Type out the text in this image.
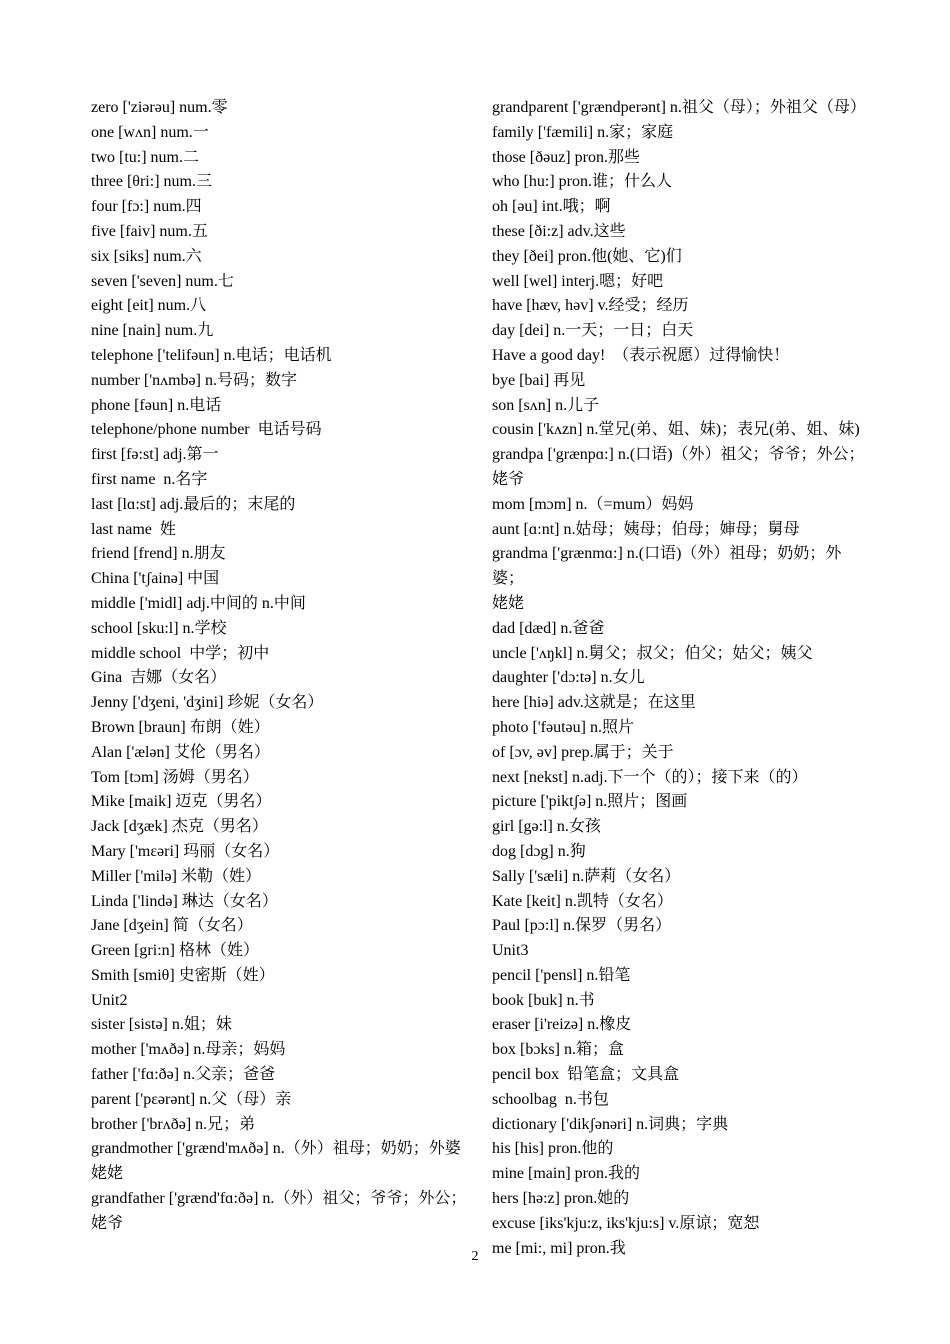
zero ['ziərəu] num.零
one [wʌn] num.一
two [tu:] num.二
three [θri:] num.三
four [fɔ:] num.四
five [faiv] num.五
six [siks] num.六
seven ['seven] num.七
eight [eit] num.八
nine [nain] num.九
telephone ['telifəun] n.电话；电话机
number ['nʌmbə] n.号码；数字
phone [fəun] n.电话
telephone/phone number  电话号码
first [fə:st] adj.第一
first name  n.名字
last [lɑ:st] adj.最后的；末尾的
last name  姓
friend [frend] n.朋友
China ['tʃainə] 中国
middle ['midl] adj.中间的 n.中间
school [sku:l] n.学校
middle school  中学；初中
Gina  吉娜（女名）
Jenny ['dʒeni, 'dʒini] 珍妮（女名）
Brown [braun] 布朗（姓）
Alan ['ælən] 艾伦（男名）
Tom [tɔm] 汤姆（男名）
Mike [maik] 迈克（男名）
Jack [dʒæk] 杰克（男名）
Mary ['mɛəri] 玛丽（女名）
Miller ['milə] 米勒（姓）
Linda ['lində] 琳达（女名）
Jane [dʒein] 简（女名）
Green [gri:n] 格林（姓）
Smith [smiθ] 史密斯（姓）
Unit2
sister [sistə] n.姐；妹
mother ['mʌðə] n.母亲；妈妈
father ['fɑ:ðə] n.父亲；爸爸
parent ['pɛərənt] n.父（母）亲
brother ['brʌðə] n.兄；弟
grandmother ['grænd'mʌðə] n.（外）祖母；奶奶；外婆
姥姥
grandfather ['grænd'fɑ:ðə] n.（外）祖父；爷爷；外公；
姥爷
grandparent ['grændperənt] n.祖父（母）；外祖父（母）
family ['fæmili] n.家；家庭
those [ðəuz] pron.那些
who [hu:] pron.谁；什么人
oh [əu] int.哦；啊
these [ði:z] adv.这些
they [ðei] pron.他(她、它)们
well [wel] interj.嗯；好吧
have [hæv, həv] v.经受；经历
day [dei] n.一天；一日；白天
Have a good day!  （表示祝愿）过得愉快！
bye [bai] 再见
son [sʌn] n.儿子
cousin ['kʌzn] n.堂兄(弟、姐、妹)；表兄(弟、姐、妹)
grandpa ['grænpɑ:] n.(口语)（外）祖父；爷爷；外公；
姥爷
mom [mɔm] n.（=mum）妈妈
aunt [ɑ:nt] n.姑母；姨母；伯母；婶母；舅母
grandma ['grænmɑ:] n.(口语)（外）祖母；奶奶；外婆；
姥姥
dad [dæd] n.爸爸
uncle ['ʌŋkl] n.舅父；叔父；伯父；姑父；姨父
daughter ['dɔ:tə] n.女儿
here [hiə] adv.这就是；在这里
photo ['fəutəu] n.照片
of [ɔv, əv] prep.属于；关于
next [nekst] n.adj.下一个（的）；接下来（的）
picture ['piktʃə] n.照片；图画
girl [gə:l] n.女孩
dog [dɔg] n.狗
Sally ['sæli] n.萨莉（女名）
Kate [keit] n.凯特（女名）
Paul [pɔ:l] n.保罗（男名）
Unit3
pencil ['pensl] n.铅笔
book [buk] n.书
eraser [i'reizə] n.橡皮
box [bɔks] n.箱；盒
pencil box  铅笔盒；文具盒
schoolbag  n.书包
dictionary ['dikʃənəri] n.词典；字典
his [his] pron.他的
mine [main] pron.我的
hers [hə:z] pron.她的
excuse [iks'kju:z, iks'kju:s] v.原谅；宽恕
me [mi:, mi] pron.我
2
